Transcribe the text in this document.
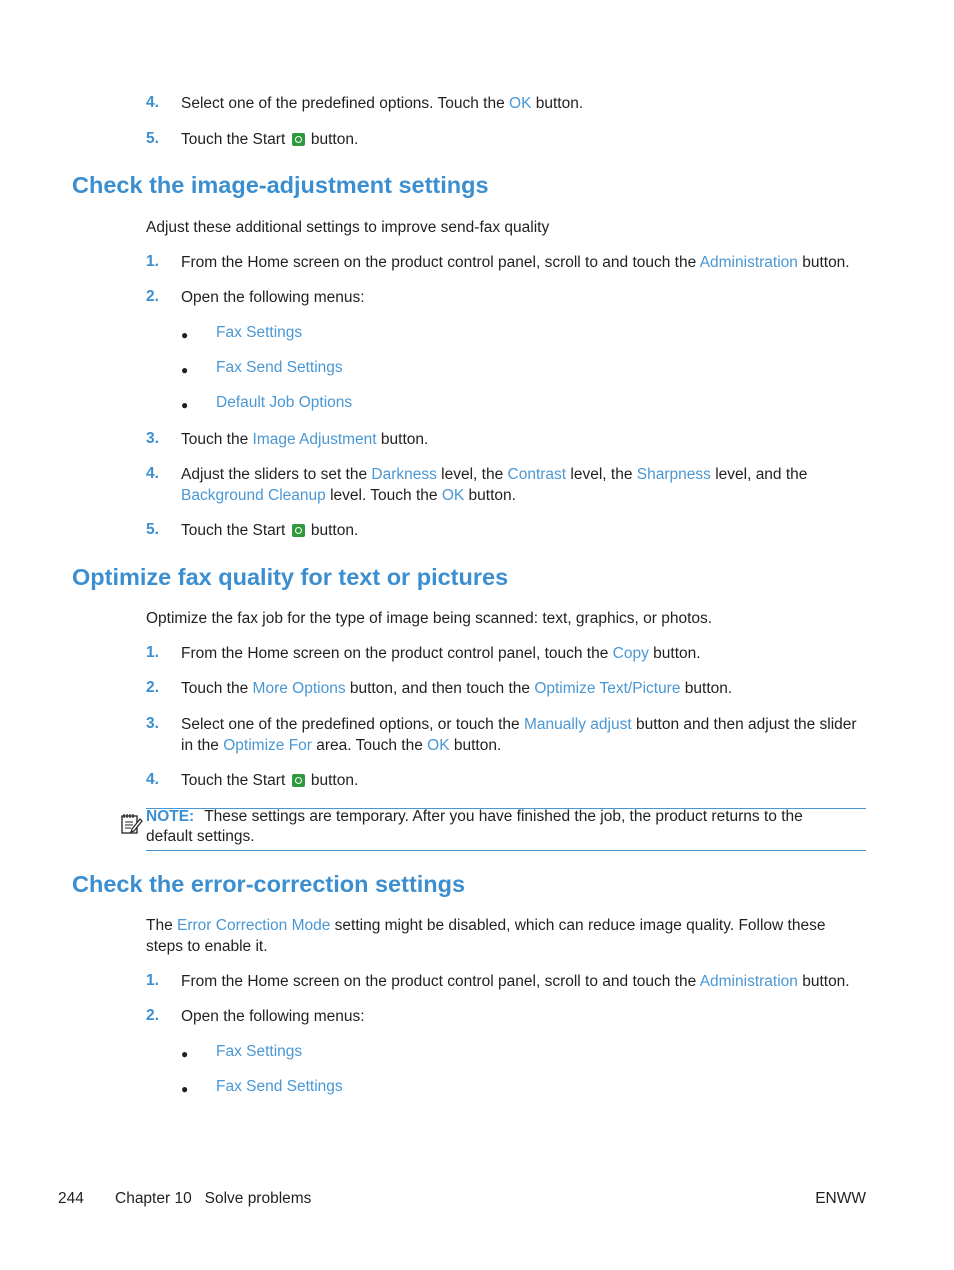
4. Select one of the predefined options. Touch the OK button.
5. Touch the Start  button.
Check the image-adjustment settings
Adjust these additional settings to improve send-fax quality
1. From the Home screen on the product control panel, scroll to and touch the Administration button.
2. Open the following menus:
● Fax Settings
● Fax Send Settings
● Default Job Options
3. Touch the Image Adjustment button.
4. Adjust the sliders to set the Darkness level, the Contrast level, the Sharpness level, and the
Background Cleanup level. Touch the OK button.
5. Touch the Start  button.
Optimize fax quality for text or pictures
Optimize the fax job for the type of image being scanned: text, graphics, or photos.
1. From the Home screen on the product control panel, touch the Copy button.
2. Touch the More Options button, and then touch the Optimize Text/Picture button.
3. Select one of the predefined options, or touch the Manually adjust button and then adjust the slider
in the Optimize For area. Touch the OK button.
4. Touch the Start  button.
NOTE: These settings are temporary. After you have finished the job, the product returns to the
default settings.
Check the error-correction settings
The Error Correction Mode setting might be disabled, which can reduce image quality. Follow these
steps to enable it.
1. From the Home screen on the product control panel, scroll to and touch the Administration button.
2. Open the following menus:
● Fax Settings
● Fax Send Settings
244 Chapter 10   Solve problems	ENWW
